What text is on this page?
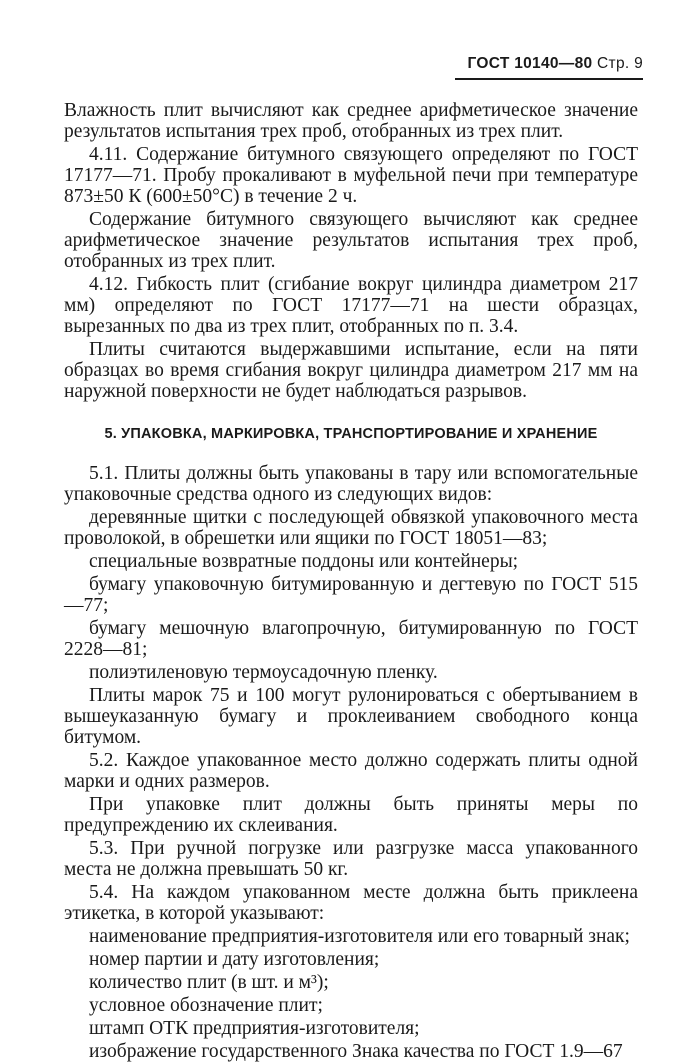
ГОСТ 10140—80 Стр. 9

Влажность плит вычисляют как среднее арифметическое значение результатов испытания трех проб, отобранных из трех плит.

4.11. Содержание битумного связующего определяют по ГОСТ 17177—71. Пробу прокаливают в муфельной печи при температуре 873±50 К (600±50°С) в течение 2 ч.

Содержание битумного связующего вычисляют как среднее арифметическое значение результатов испытания трех проб, отобранных из трех плит.

4.12. Гибкость плит (сгибание вокруг цилиндра диаметром 217 мм) определяют по ГОСТ 17177—71 на шести образцах, вырезанных по два из трех плит, отобранных по п. 3.4.

Плиты считаются выдержавшими испытание, если на пяти образцах во время сгибания вокруг цилиндра диаметром 217 мм на наружной поверхности не будет наблюдаться разрывов.

5. УПАКОВКА, МАРКИРОВКА, ТРАНСПОРТИРОВАНИЕ И ХРАНЕНИЕ

5.1. Плиты должны быть упакованы в тару или вспомогательные упаковочные средства одного из следующих видов:

деревянные щитки с последующей обвязкой упаковочного места проволокой, в обрешетки или ящики по ГОСТ 18051—83;

специальные возвратные поддоны или контейнеры;

бумагу упаковочную битумированную и дегтевую по ГОСТ 515—77;

бумагу мешочную влагопрочную, битумированную по ГОСТ 2228—81;

полиэтиленовую термоусадочную пленку.

Плиты марок 75 и 100 могут рулонироваться с обертыванием в вышеуказанную бумагу и проклеиванием свободного конца битумом.

5.2. Каждое упакованное место должно содержать плиты одной марки и одних размеров.

При упаковке плит должны быть приняты меры по предупреждению их склеивания.

5.3. При ручной погрузке или разгрузке масса упакованного места не должна превышать 50 кг.

5.4. На каждом упакованном месте должна быть приклеена этикетка, в которой указывают:

наименование предприятия-изготовителя или его товарный знак;

номер партии и дату изготовления;

количество плит (в шт. и м³);

условное обозначение плит;

штамп ОТК предприятия-изготовителя;

изображение государственного Знака качества по ГОСТ 1.9—67
